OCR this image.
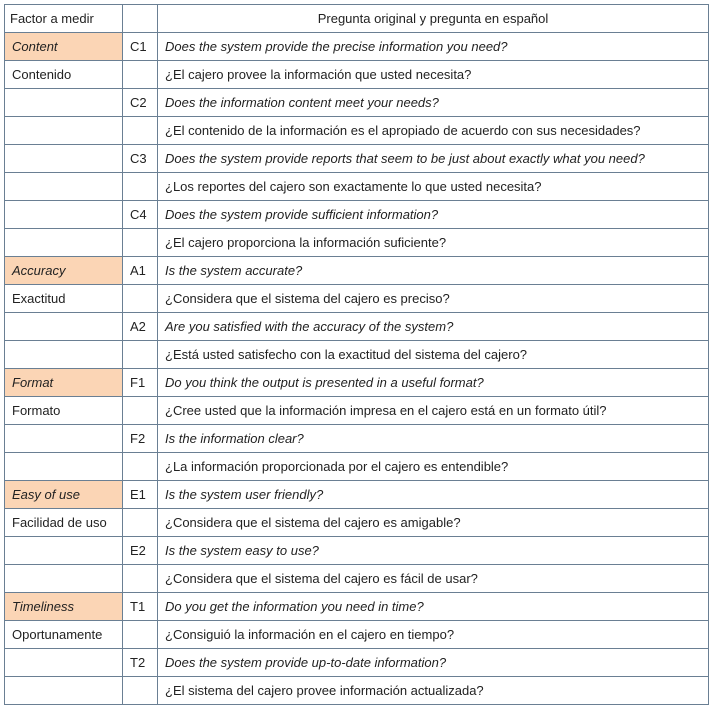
Factor a medir		Pregunta original y pregunta en español
Content	C1	Does the system provide the precise information you need?
Contenido		¿El cajero provee la información que usted necesita?
	C2	Does the information content meet your needs?
		¿El contenido de la información es el apropiado de acuerdo con sus necesidades?
	C3	Does the system provide reports that seem to be just about exactly what you need?
		¿Los reportes del cajero son exactamente lo que usted necesita?
	C4	Does the system provide sufficient information?
		¿El cajero proporciona la información suficiente?
Accuracy	A1	Is the system accurate?
Exactitud		¿Considera que el sistema del cajero es preciso?
	A2	Are you satisfied with the accuracy of the system?
		¿Está usted satisfecho con la exactitud del sistema del cajero?
Format	F1	Do you think the output is presented in a useful format?
Formato		¿Cree usted que la información impresa en el cajero está en un formato útil?
	F2	Is the information clear?
		¿La información proporcionada por el cajero es entendible?
Easy of use	E1	Is the system user friendly?
Facilidad de uso		¿Considera que el sistema del cajero es amigable?
	E2	Is the system easy to use?
		¿Considera que el sistema del cajero es fácil de usar?
Timeliness	T1	Do you get the information you need in time?
Oportunamente		¿Consiguió la información en el cajero en tiempo?
	T2	Does the system provide up-to-date information?
		¿El sistema del cajero provee información actualizada?
